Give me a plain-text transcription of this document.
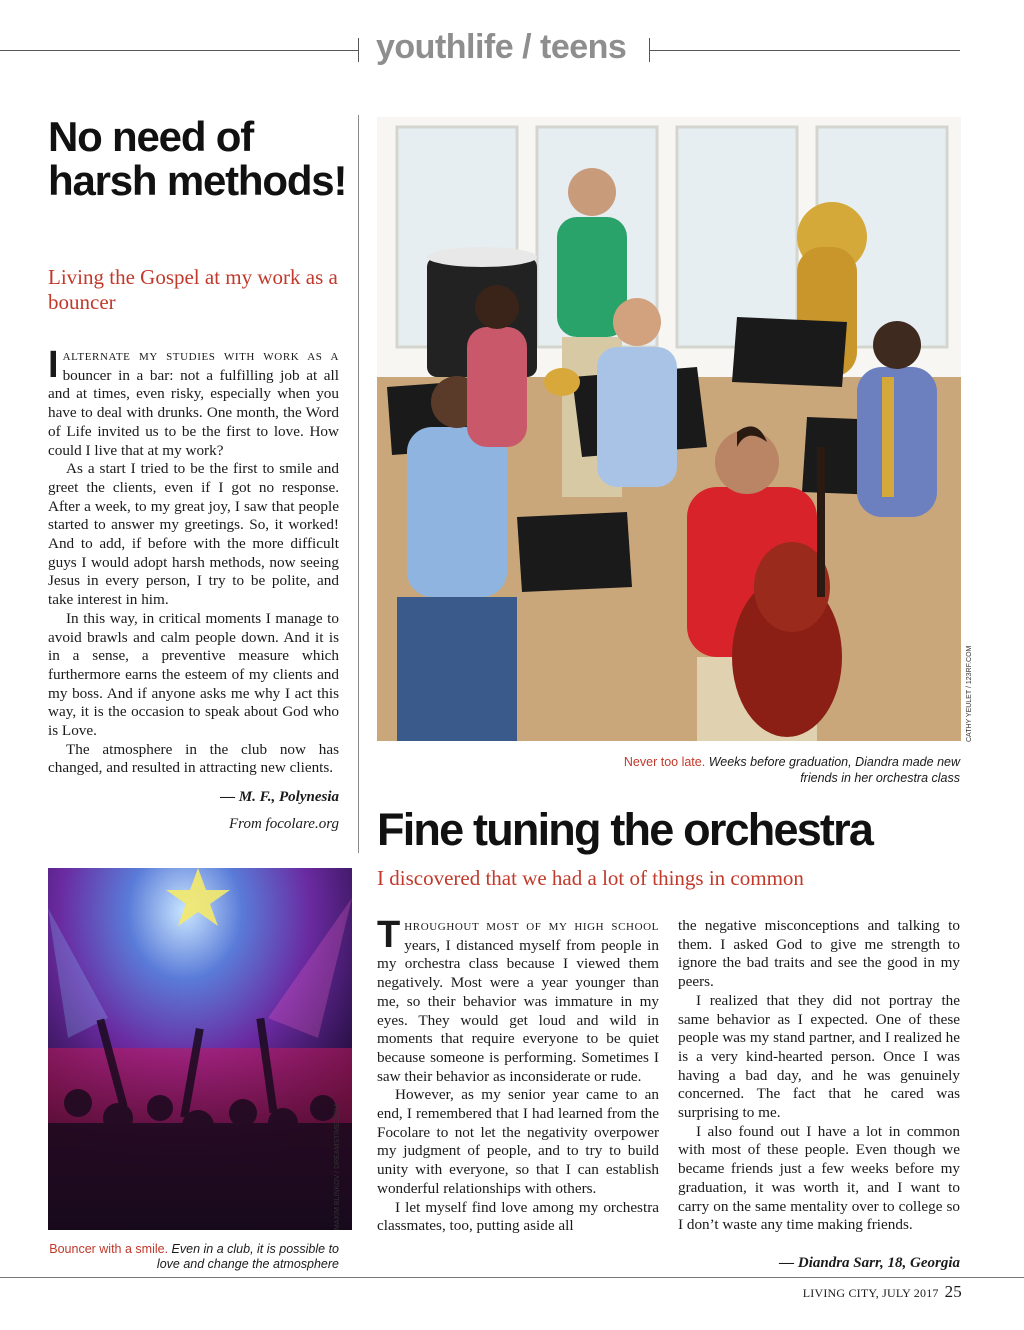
youthlife / teens
No need of harsh methods!
Living the Gospel at my work as a bouncer

IALTERNATE MY STUDIES WITH WORK AS A bouncer in a bar: not a fulfilling job at all and at times, even risky, especially when you have to deal with drunks. One month, the Word of Life invited us to be the first to love. How could I live that at my work?

As a start I tried to be the first to smile and greet the clients, even if I got no response. After a week, to my great joy, I saw that people started to answer my greetings. So, it worked! And to add, if before with the more difficult guys I would adopt harsh methods, now seeing Jesus in every person, I try to be polite, and take interest in him.

In this way, in critical moments I manage to avoid brawls and calm people down. And it is in a sense, a preventive measure which furthermore earns the esteem of my clients and my boss. And if anyone asks me why I act this way, it is the occasion to speak about God who is Love.

The atmosphere in the club now has changed, and resulted in attracting new clients.

— M. F., Polynesia
From focolare.org
MAXIM BLINKOV / DREAMSTIME.COM
Bouncer with a smile. Even in a club, it is possible to love and change the atmosphere
CATHY YEULET / 123RF.COM
Never too late. Weeks before graduation, Diandra made new friends in her orchestra class
Fine tuning the orchestra
I discovered that we had a lot of things in common

THROUGHOUT MOST OF MY HIGH SCHOOL years, I distanced myself from people in my orchestra class because I viewed them negatively. Most were a year younger than me, so their behavior was immature in my eyes. They would get loud and wild in moments that require everyone to be quiet because someone is performing. Sometimes I saw their behavior as inconsiderate or rude.

However, as my senior year came to an end, I remembered that I had learned from the Focolare to not let the negativity overpower my judgment of people, and to try to build unity with everyone, so that I can establish wonderful relationships with others.

I let myself find love among my orchestra classmates, too, putting aside all

the negative misconceptions and talking to them. I asked God to give me strength to ignore the bad traits and see the good in my peers.

I realized that they did not portray the same behavior as I expected. One of these people was my stand partner, and I realized he is a very kind-hearted person. Once I was having a bad day, and he was genuinely concerned. The fact that he cared was surprising to me.

I also found out I have a lot in common with most of these people. Even though we became friends just a few weeks before my graduation, it was worth it, and I want to carry on the same mentality over to college so I don’t waste any time making friends.

— Diandra Sarr, 18, Georgia
LIVING CITY, JULY 2017 25
